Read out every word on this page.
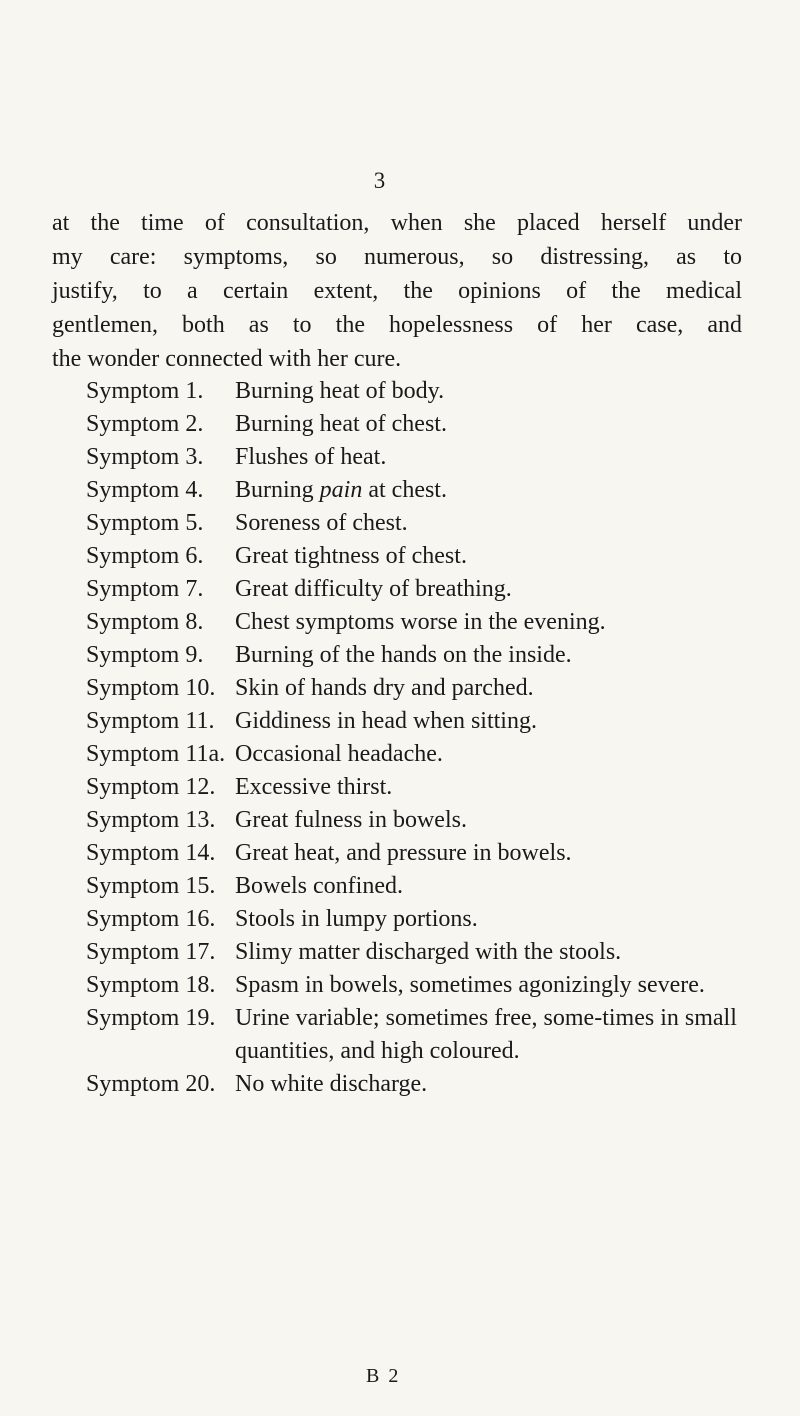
3

at the time of consultation, when she placed herself under
my care: symptoms, so numerous, so distressing, as to
justify, to a certain extent, the opinions of the medical
gentlemen, both as to the hopelessness of her case, and
the wonder connected with her cure.

Symptom 1.	Burning heat of body.
Symptom 2.	Burning heat of chest.
Symptom 3.	Flushes of heat.
Symptom 4.	Burning pain at chest.
Symptom 5.	Soreness of chest.
Symptom 6.	Great tightness of chest.
Symptom 7.	Great difficulty of breathing.
Symptom 8.	Chest symptoms worse in the evening.
Symptom 9.	Burning of the hands on the inside.
Symptom 10. Skin of hands dry and parched.
Symptom 11. Giddiness in head when sitting.
Symptom 11a. Occasional headache.
Symptom 12. Excessive thirst.
Symptom 13. Great fulness in bowels.
Symptom 14. Great heat, and pressure in bowels.
Symptom 15. Bowels confined.
Symptom 16. Stools in lumpy portions.
Symptom 17. Slimy matter discharged with the stools.
Symptom 18. Spasm in bowels, sometimes agonizingly severe.
Symptom 19. Urine variable; sometimes free, some-times in small quantities, and high coloured.
Symptom 20. No white discharge.
B 2
